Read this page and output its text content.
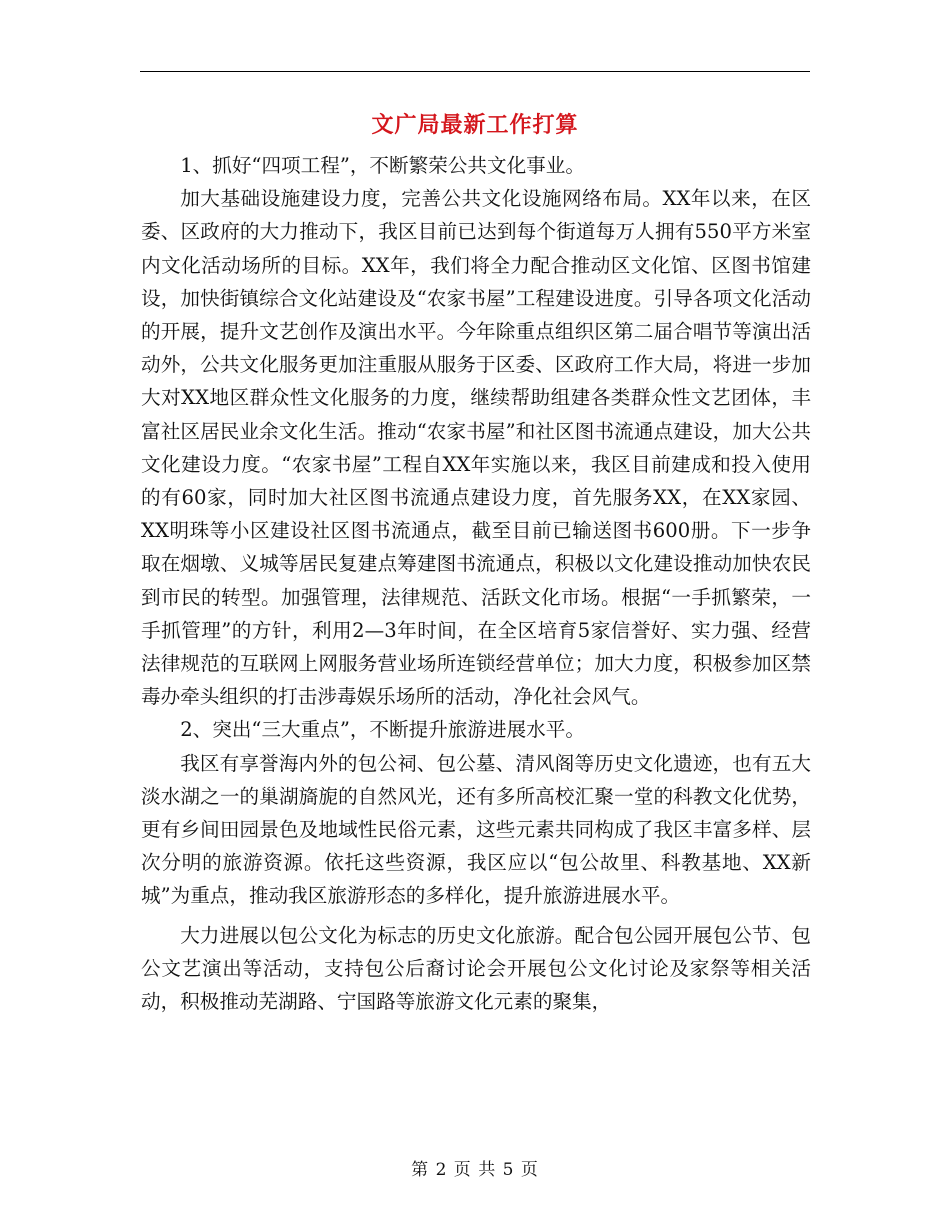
文广局最新工作打算

1、抓好“四项工程”，不断繁荣公共文化事业。

加大基础设施建设力度，完善公共文化设施网络布局。XX年以来，在区委、区政府的大力推动下，我区目前已达到每个街道每万人拥有550平方米室内文化活动场所的目标。XX年，我们将全力配合推动区文化馆、区图书馆建设，加快街镇综合文化站建设及“农家书屋”工程建设进度。引导各项文化活动的开展，提升文艺创作及演出水平。今年除重点组织区第二届合唱节等演出活动外，公共文化服务更加注重服从服务于区委、区政府工作大局，将进一步加大对XX地区群众性文化服务的力度，继续帮助组建各类群众性文艺团体，丰富社区居民业余文化生活。推动“农家书屋”和社区图书流通点建设，加大公共文化建设力度。“农家书屋”工程自XX年实施以来，我区目前建成和投入使用的有60家，同时加大社区图书流通点建设力度，首先服务XX，在XX家园、XX明珠等小区建设社区图书流通点，截至目前已输送图书600册。下一步争取在烟墩、义城等居民复建点筹建图书流通点，积极以文化建设推动加快农民到市民的转型。加强管理，法律规范、活跃文化市场。根据“一手抓繁荣，一手抓管理”的方针，利用2—3年时间，在全区培育5家信誉好、实力强、经营法律规范的互联网上网服务营业场所连锁经营单位；加大力度，积极参加区禁毒办牵头组织的打击涉毒娱乐场所的活动，净化社会风气。

2、突出“三大重点”，不断提升旅游进展水平。

我区有享誉海内外的包公祠、包公墓、清风阁等历史文化遗迹，也有五大淡水湖之一的巢湖旖旎的自然风光，还有多所高校汇聚一堂的科教文化优势，更有乡间田园景色及地域性民俗元素，这些元素共同构成了我区丰富多样、层次分明的旅游资源。依托这些资源，我区应以“包公故里、科教基地、XX新城”为重点，推动我区旅游形态的多样化，提升旅游进展水平。

大力进展以包公文化为标志的历史文化旅游。配合包公园开展包公节、包公文艺演出等活动，支持包公后裔讨论会开展包公文化讨论及家祭等相关活动，积极推动芜湖路、宁国路等旅游文化元素的聚集，

第 2 页 共 5 页
